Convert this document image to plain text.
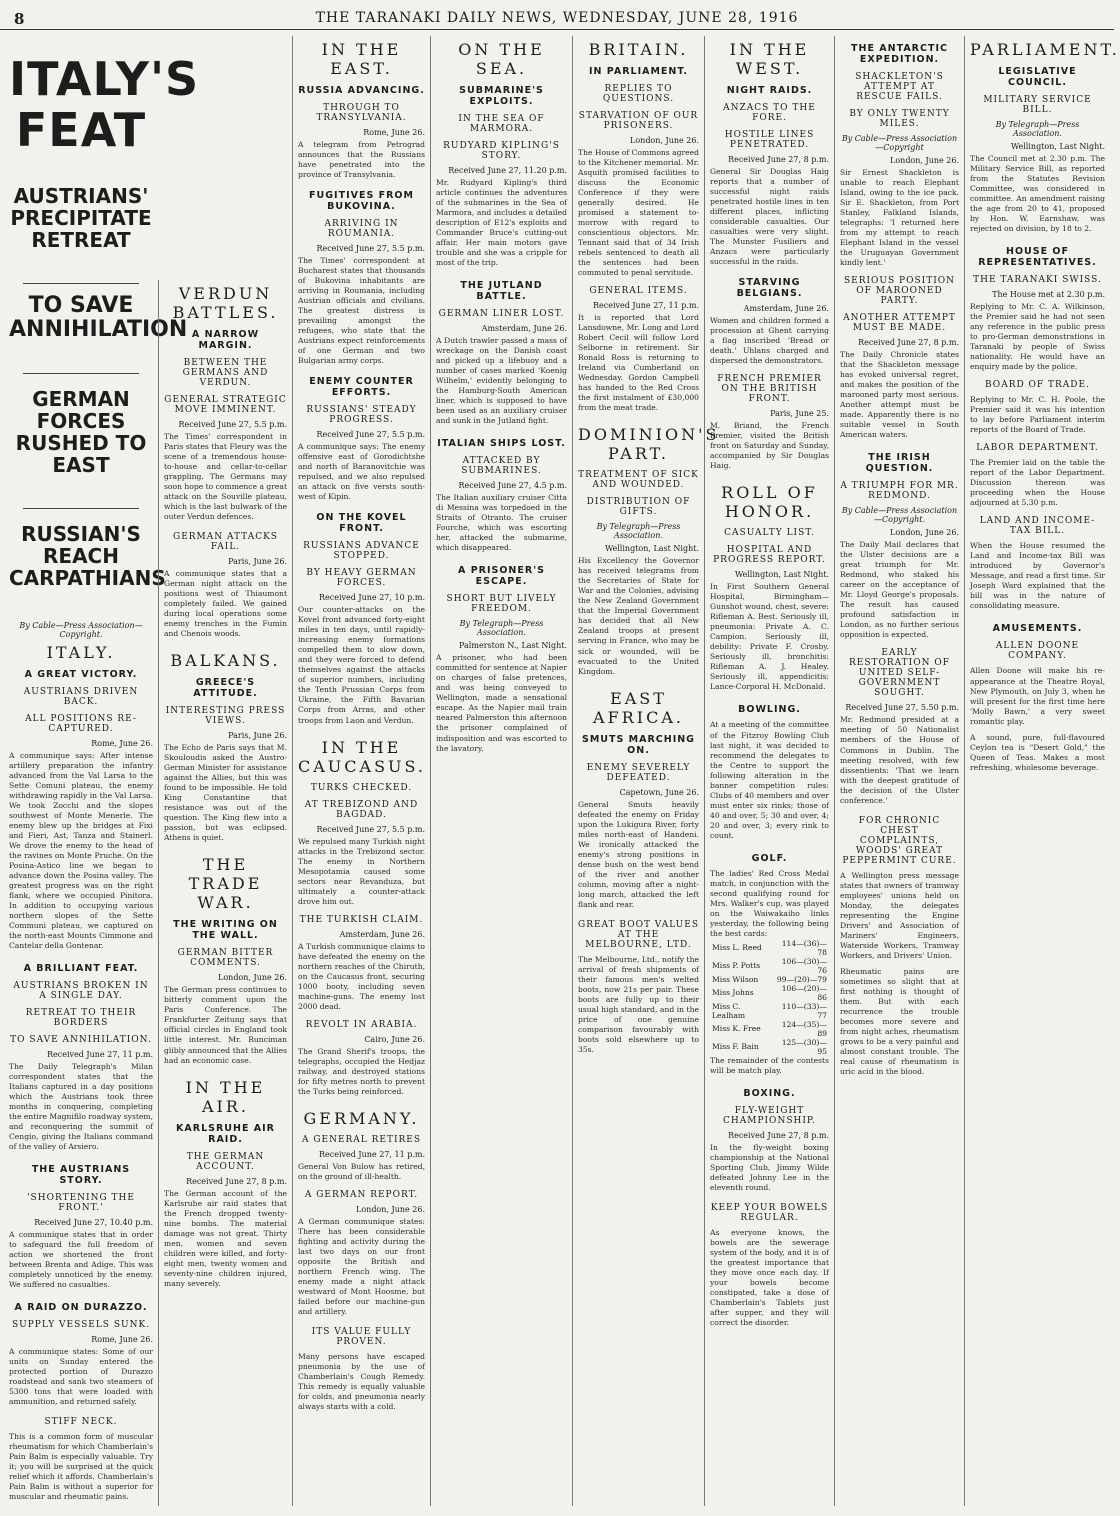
8	THE TARANAKI DAILY NEWS, WEDNESDAY, JUNE 28, 1916
ITALY'S FEAT
AUSTRIANS' PRECIPITATE RETREAT
TO SAVE ANNIHILATION
GERMAN FORCES RUSHED TO EAST
RUSSIAN'S REACH CARPATHIANS
By Cable—Press Association—Copyright.
ITALY.
A GREAT VICTORY.
AUSTRIANS DRIVEN BACK.
ALL POSITIONS RE-CAPTURED.
Rome, June 26.
A communique says: After intense artillery preparation the infantry advanced from the Val Larsa to the Sette Comuni plateau, the enemy withdrawing rapidly in the Val Larsa. We took Zocchi and the slopes southwest of Monte Menerle. The enemy blew up the bridges at Fixi and Fieri, Ast, Tanza and Stainerl. We drove the enemy to the head of the ravines on Monte Pruche. On the Posina-Astico line we began to advance down the Posina valley. The greatest progress was on the right flank, where we occupied Pinitora. In addition to occupying various northern slopes of the Sette Communi plateau, we captured on the north-east Mounts Cimmone and Cantelar della Gontenar.
A BRILLIANT FEAT.
AUSTRIANS BROKEN IN A SINGLE DAY.
RETREAT TO THEIR BORDERS
TO SAVE ANNIHILATION.
Received June 27, 11 p.m.
The Daily Telegraph's Milan correspondent states that the Italians captured in a day positions which the Austrians took three months in conquering, completing the entire Magnifilo roadway system, and reconquering the summit of Cengio, giving the Italians command of the valley of Arsiero.
THE AUSTRIANS STORY.
'SHORTENING THE FRONT.'
Received June 27, 10.40 p.m.
A communique states that in order to safeguard the full freedom of action we shortened the front between Brenta and Adige. This was completely unnoticed by the enemy. We suffered no casualties.
A RAID ON DURAZZO.
SUPPLY VESSELS SUNK.
Rome, June 26.
A communique states: Some of our units on Sunday entered the protected portion of Durazzo roadstead and sank two steamers of 5300 tons that were loaded with ammunition, and returned safely.
STIFF NECK.
This is a common form of muscular rheumatism for which Chamberlain's Pain Balm is especially valuable. Try it; you will be surprised at the quick relief which it affords. Chamberlain's Pain Balm is without a superior for muscular and rheumatic pains.
VERDUN BATTLES.
A NARROW MARGIN.
BETWEEN THE GERMANS AND VERDUN.
GENERAL STRATEGIC MOVE IMMINENT.
Received June 27, 5.5 p.m.
The Times' correspondent in Paris states that Fleury was the scene of a tremendous house-to-house and cellar-to-cellar grappling. The Germans may soon hope to commence a great attack on the Souville plateau, which is the last bulwark of the outer Verdun defences.
GERMAN ATTACKS FAIL.
Paris, June 26.
A communique states that a German night attack on the positions west of Thiaumont completely failed. We gained during local operations some enemy trenches in the Fumin and Chenois woods.
BALKANS.
GREECE'S ATTITUDE.
INTERESTING PRESS VIEWS.
Paris, June 26.
The Echo de Paris says that M. Skouloudis asked the Austro-German Minister for assistance against the Allies, but this was found to be impossible. He told King Constantine that resistance was out of the question. The King flew into a passion, but was eclipsed. Athens is quiet.
THE TRADE WAR.
THE WRITING ON THE WALL.
GERMAN BITTER COMMENTS.
London, June 26.
The German press continues to bitterly comment upon the Paris Conference. The Frankfurter Zeitung says that official circles in England took little interest. Mr. Runciman glibly announced that the Allies had an economic case.
IN THE AIR.
KARLSRUHE AIR RAID.
THE GERMAN ACCOUNT.
Received June 27, 8 p.m.
The German account of the Karlsruhe air raid states that the French dropped twenty-nine bombs. The material damage was not great. Thirty men, women and seven children were killed, and forty-eight men, twenty women and seventy-nine children injured, many severely.
IN THE EAST.
RUSSIA ADVANCING.
THROUGH TO TRANSYLVANIA.
Rome, June 26.
A telegram from Petrograd announces that the Russians have penetrated into the province of Transylvania.
FUGITIVES FROM BUKOVINA.
ARRIVING IN ROUMANIA.
Received June 27, 5.5 p.m.
The Times' correspondent at Bucharest states that thousands of Bukovina inhabitants are arriving in Roumania, including Austrian officials and civilians. The greatest distress is prevailing amongst the refugees, who state that the Austrians expect reinforcements of one German and two Bulgarian army corps.
ENEMY COUNTER EFFORTS.
RUSSIANS' STEADY PROGRESS.
Received June 27, 5.5 p.m.
A communique says: The enemy offensive east of Gorodichtshe and north of Baranovitchie was repulsed, and we also repulsed an attack on five versts south-west of Kipin.
ON THE KOVEL FRONT.
RUSSIANS ADVANCE STOPPED.
BY HEAVY GERMAN FORCES.
Received June 27, 10 p.m.
Our counter-attacks on the Kovel front advanced forty-eight miles in ten days, until rapidly-increasing enemy formations compelled them to slow down, and they were forced to defend themselves against the attacks of superior numbers, including the Tenth Prussian Corps from Ukraine, the Fifth Bavarian Corps from Arras, and other troops from Laon and Verdun.
IN THE CAUCASUS.
TURKS CHECKED.
AT TREBIZOND AND BAGDAD.
Received June 27, 5.5 p.m.
We repulsed many Turkish night attacks in the Trebizond sector. The enemy in Northern Mesopotamia caused some sectors near Revanduza, but ultimately a counter-attack drove him out.
THE TURKISH CLAIM.
Amsterdam, June 26.
A Turkish communique claims to have defeated the enemy on the northern reaches of the Chiruth, on the Caucasus front, securing 1000 booty, including seven machine-guns. The enemy lost 2000 dead.
REVOLT IN ARABIA.
Cairo, June 26.
The Grand Sherif's troops, the telegraphs, occupied the Hedjaz railway, and destroyed stations for fifty metres north to prevent the Turks being reinforced.
GERMANY.
A GENERAL RETIRES
Received June 27, 11 p.m.
General Von Bulow has retired, on the ground of ill-health.
A GERMAN REPORT.
London, June 26.
A German communique states: There has been considerable fighting and activity during the last two days on our front opposite the British and northern French wing. The enemy made a night attack westward of Mont Hoosme, but failed before our machine-gun and artillery.
ITS VALUE FULLY PROVEN.
Many persons have escaped pneumonia by the use of Chamberlain's Cough Remedy. This remedy is equally valuable for colds, and pneumonia nearly always starts with a cold.
ON THE SEA.
SUBMARINE'S EXPLOITS.
IN THE SEA OF MARMORA.
RUDYARD KIPLING'S STORY.
Received June 27, 11.20 p.m.
Mr. Rudyard Kipling's third article continues the adventures of the submarines in the Sea of Marmora, and includes a detailed description of E12's exploits and Commander Bruce's cutting-out affair. Her main motors gave trouble and she was a cripple for most of the trip.
THE JUTLAND BATTLE.
GERMAN LINER LOST.
Amsterdam, June 26.
A Dutch trawler passed a mass of wreckage on the Danish coast and picked up a lifebuoy and a number of cases marked 'Koenig Wilhelm,' evidently belonging to the Hamburg-South American liner, which is supposed to have been used as an auxiliary cruiser and sunk in the Jutland fight.
ITALIAN SHIPS LOST.
ATTACKED BY SUBMARINES.
Received June 27, 4.5 p.m.
The Italian auxiliary cruiser Citta di Messina was torpedoed in the Straits of Otranto. The cruiser Fourche, which was escorting her, attacked the submarine, which disappeared.
A PRISONER'S ESCAPE.
SHORT BUT LIVELY FREEDOM.
By Telegraph—Press Association.
Palmerston N., Last Night.
A prisoner, who had been committed for sentence at Napier on charges of false pretences, and was being conveyed to Wellington, made a sensational escape. As the Napier mail train neared Palmerston this afternoon the prisoner complained of indisposition and was escorted to the lavatory.
BRITAIN.
IN PARLIAMENT.
REPLIES TO QUESTIONS.
STARVATION OF OUR PRISONERS.
London, June 26.
The House of Commons agreed to the Kitchener memorial. Mr. Asquith promised facilities to discuss the Economic Conference if they were generally desired. He promised a statement to-morrow with regard to conscientious objectors. Mr. Tennant said that of 34 Irish rebels sentenced to death all the sentences had been commuted to penal servitude.
GENERAL ITEMS.
Received June 27, 11 p.m.
It is reported that Lord Lansdowne, Mr. Long and Lord Robert Cecil will follow Lord Selborne in retirement. Sir Ronald Ross is returning to Ireland via Cumberland on Wednesday. Gordon Campbell has handed to the Red Cross the first instalment of £30,000 from the meat trade.
DOMINION'S PART.
TREATMENT OF SICK AND WOUNDED.
DISTRIBUTION OF GIFTS.
By Telegraph—Press Association.
Wellington, Last Night.
His Excellency the Governor has received telegrams from the Secretaries of State for War and the Colonies, advising the New Zealand Government that the Imperial Government has decided that all New Zealand troops at present serving in France, who may be sick or wounded, will be evacuated to the United Kingdom.
EAST AFRICA.
SMUTS MARCHING ON.
ENEMY SEVERELY DEFEATED.
Capetown, June 26.
General Smuts heavily defeated the enemy on Friday upon the Lukigura River, forty miles north-east of Handeni. We ironically attacked the enemy's strong positions in dense bush on the west bend of the river and another column, moving after a night-long march, attacked the left flank and rear.
GREAT BOOT VALUES AT THE MELBOURNE, LTD.
The Melbourne, Ltd., notify the arrival of fresh shipments of their famous men's welted boots, now 21s per pair. These boots are fully up to their usual high standard, and in the price of one genuine comparison favourably with boots sold elsewhere up to 35s.
IN THE WEST.
NIGHT RAIDS.
ANZACS TO THE FORE.
HOSTILE LINES PENETRATED.
Received June 27, 8 p.m.
General Sir Douglas Haig reports that a number of successful night raids penetrated hostile lines in ten different places, inflicting considerable casualties. Our casualties were very slight. The Munster Fusiliers and Anzacs were particularly successful in the raids.
STARVING BELGIANS.
Amsterdam, June 26.
Women and children formed a procession at Ghent carrying a flag inscribed 'Bread or death.' Uhlans charged and dispersed the demonstrators.
FRENCH PREMIER ON THE BRITISH FRONT.
Paris, June 25.
M. Briand, the French Premier, visited the British front on Saturday and Sunday, accompanied by Sir Douglas Haig.
ROLL OF HONOR.
CASUALTY LIST.
HOSPITAL AND PROGRESS REPORT.
Wellington, Last Night.
In First Southern General Hospital, Birmingham—Gunshot wound, chest, severe: Rifleman A. Best. Seriously ill, pneumonia: Private A. C. Campion. Seriously ill, debility: Private F. Crosby. Seriously ill, bronchitis: Rifleman A. J. Healey. Seriously ill, appendicitis: Lance-Corporal H. McDonald.
BOWLING.
At a meeting of the committee of the Fitzroy Bowling Club last night, it was decided to recommend the delegates to the Centre to support the following alteration in the banner competition rules: Clubs of 40 members and over must enter six rinks; those of 40 and over, 5; 30 and over, 4; 20 and over, 3; every rink to count.
GOLF.
The ladies' Red Cross Medal match, in conjunction with the second qualifying round for Mrs. Walker's cup, was played on the Waiwakaiho links yesterday, the following being the best cards:
Miss L. Reed	114—(36)—78
Miss P. Potts	106—(30)—76
Miss Wilson	99—(20)—79
Miss Johns	106—(20)—86
Miss C. Lealham	110—(33)—77
Miss K. Free	124—(35)—89
Miss F. Bain	125—(30)—95
The remainder of the contests will be match play.
BOXING.
FLY-WEIGHT CHAMPIONSHIP.
Received June 27, 8 p.m.
In the fly-weight boxing championship at the National Sporting Club, Jimmy Wilde defeated Johnny Lee in the eleventh round.
KEEP YOUR BOWELS REGULAR.
As everyone knows, the bowels are the sewerage system of the body, and it is of the greatest importance that they move once each day. If your bowels become constipated, take a dose of Chamberlain's Tablets just after supper, and they will correct the disorder.
THE ANTARCTIC EXPEDITION.
SHACKLETON'S ATTEMPT AT RESCUE FAILS.
BY ONLY TWENTY MILES.
By Cable—Press Association—Copyright
London, June 26.
Sir Ernest Shackleton is unable to reach Elephant Island, owing to the ice pack. Sir E. Shackleton, from Port Stanley, Falkland Islands, telegraphs: 'I returned here from my attempt to reach Elephant Island in the vessel the Uruguayan Government kindly lent.'
SERIOUS POSITION OF MAROONED PARTY.
ANOTHER ATTEMPT MUST BE MADE.
Received June 27, 8 p.m.
The Daily Chronicle states that the Shackleton message has evoked universal regret, and makes the position of the marooned party most serious. Another attempt must be made. Apparently there is no suitable vessel in South American waters.
THE IRISH QUESTION.
A TRIUMPH FOR MR. REDMOND.
By Cable—Press Association—Copyright.
London, June 26.
The Daily Mail declares that the Ulster decisions are a great triumph for Mr. Redmond, who staked his career on the acceptance of Mr. Lloyd George's proposals. The result has caused profound satisfaction in London, as no further serious opposition is expected.
EARLY RESTORATION OF UNITED SELF-GOVERNMENT SOUGHT.
Received June 27, 5.50 p.m.
Mr. Redmond presided at a meeting of 50 Nationalist members of the House of Commons in Dublin. The meeting resolved, with few dissentients: 'That we learn with the deepest gratitude of the decision of the Ulster conference.'
FOR CHRONIC CHEST COMPLAINTS, WOODS' GREAT PEPPERMINT CURE.
A Wellington press message states that owners of tramway employees' unions held on Monday, the delegates representing the Engine Drivers' and Association of Mariners' Engineers, Waterside Workers, Tramway Workers, and Drivers' Union.
Rheumatic pains are sometimes so slight that at first nothing is thought of them. But with each recurrence the trouble becomes more severe and from night aches, rheumatism grows to be a very painful and almost constant trouble. The real cause of rheumatism is uric acid in the blood.
PARLIAMENT.
LEGISLATIVE COUNCIL.
MILITARY SERVICE BILL.
By Telegraph—Press Association.
Wellington, Last Night.
The Council met at 2.30 p.m. The Military Service Bill, as reported from the Statutes Revision Committee, was considered in committee. An amendment raising the age from 20 to 41, proposed by Hon. W. Earnshaw, was rejected on division, by 18 to 2.
HOUSE OF REPRESENTATIVES.
THE TARANAKI SWISS.
The House met at 2.30 p.m.
Replying to Mr. C. A. Wilkinson, the Premier said he had not seen any reference in the public press to pro-German demonstrations in Taranaki by people of Swiss nationality. He would have an enquiry made by the police.
BOARD OF TRADE.
Replying to Mr. C. H. Poole, the Premier said it was his intention to lay before Parliament interim reports of the Board of Trade.
LABOR DEPARTMENT.
The Premier laid on the table the report of the Labor Department. Discussion thereon was proceeding when the House adjourned at 5.30 p.m.
LAND AND INCOME-TAX BILL.
When the House resumed the Land and Income-tax Bill was introduced by Governor's Message, and read a first time. Sir Joseph Ward explained that the bill was in the nature of consolidating measure.
AMUSEMENTS.
ALLEN DOONE COMPANY.
Allen Doone will make his re-appearance at the Theatre Royal, New Plymouth, on July 3, when he will present for the first time here 'Molly Bawn,' a very sweet romantic play.
A sound, pure, full-flavoured Ceylon tea is "Desert Gold," the Queen of Teas. Makes a most refreshing, wholesome beverage.
